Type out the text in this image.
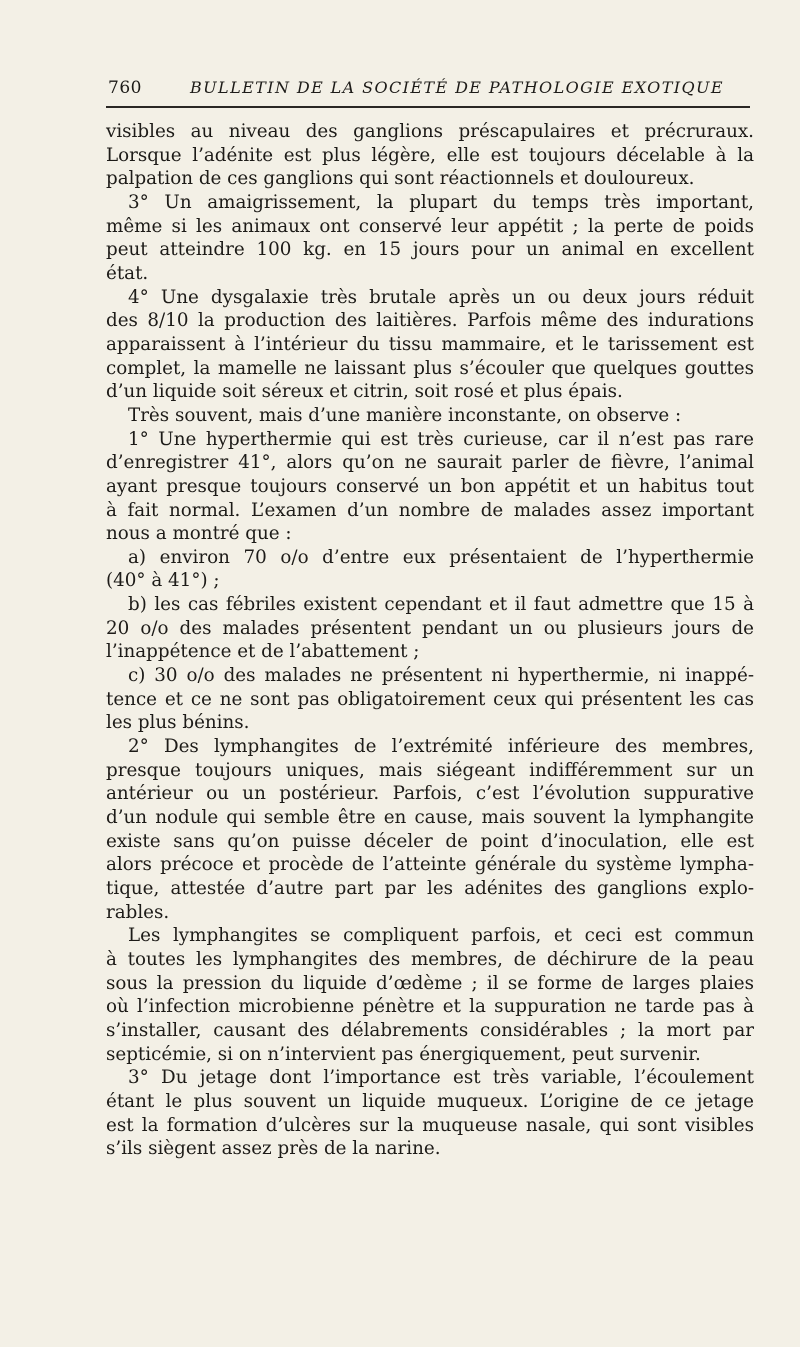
760	BULLETIN DE LA SOCIÉTÉ DE PATHOLOGIE EXOTIQUE
visibles au niveau des ganglions préscapulaires et précruraux.
Lorsque l’adénite est plus légère, elle est toujours décelable à la
palpation de ces ganglions qui sont réactionnels et douloureux.
3° Un amaigrissement, la plupart du temps très important,
même si les animaux ont conservé leur appétit ; la perte de poids
peut atteindre 100 kg. en 15 jours pour un animal en excellent
état.
4° Une dysgalaxie très brutale après un ou deux jours réduit
des 8/10 la production des laitières. Parfois même des indurations
apparaissent à l’intérieur du tissu mammaire, et le tarissement est
complet, la mamelle ne laissant plus s’écouler que quelques gouttes
d’un liquide soit séreux et citrin, soit rosé et plus épais.
Très souvent, mais d’une manière inconstante, on observe :
1° Une hyperthermie qui est très curieuse, car il n’est pas rare
d’enregistrer 41°, alors qu’on ne saurait parler de fièvre, l’animal
ayant presque toujours conservé un bon appétit et un habitus tout
à fait normal. L’examen d’un nombre de malades assez important
nous a montré que :
a) environ 70 o/o d’entre eux présentaient de l’hyperthermie
(40° à 41°) ;
b) les cas fébriles existent cependant et il faut admettre que 15 à
20 o/o des malades présentent pendant un ou plusieurs jours de
l’inappétence et de l’abattement ;
c) 30 o/o des malades ne présentent ni hyperthermie, ni inappé-
tence et ce ne sont pas obligatoirement ceux qui présentent les cas
les plus bénins.
2° Des lymphangites de l’extrémité inférieure des membres,
presque toujours uniques, mais siégeant indifféremment sur un
antérieur ou un postérieur. Parfois, c’est l’évolution suppurative
d’un nodule qui semble être en cause, mais souvent la lymphangite
existe sans qu’on puisse déceler de point d’inoculation, elle est
alors précoce et procède de l’atteinte générale du système lympha-
tique, attestée d’autre part par les adénites des ganglions explo-
rables.
Les lymphangites se compliquent parfois, et ceci est commun
à toutes les lymphangites des membres, de déchirure de la peau
sous la pression du liquide d’œdème ; il se forme de larges plaies
où l’infection microbienne pénètre et la suppuration ne tarde pas à
s’installer, causant des délabrements considérables ; la mort par
septicémie, si on n’intervient pas énergiquement, peut survenir.
3° Du jetage dont l’importance est très variable, l’écoulement
étant le plus souvent un liquide muqueux. L’origine de ce jetage
est la formation d’ulcères sur la muqueuse nasale, qui sont visibles
s’ils siègent assez près de la narine.
